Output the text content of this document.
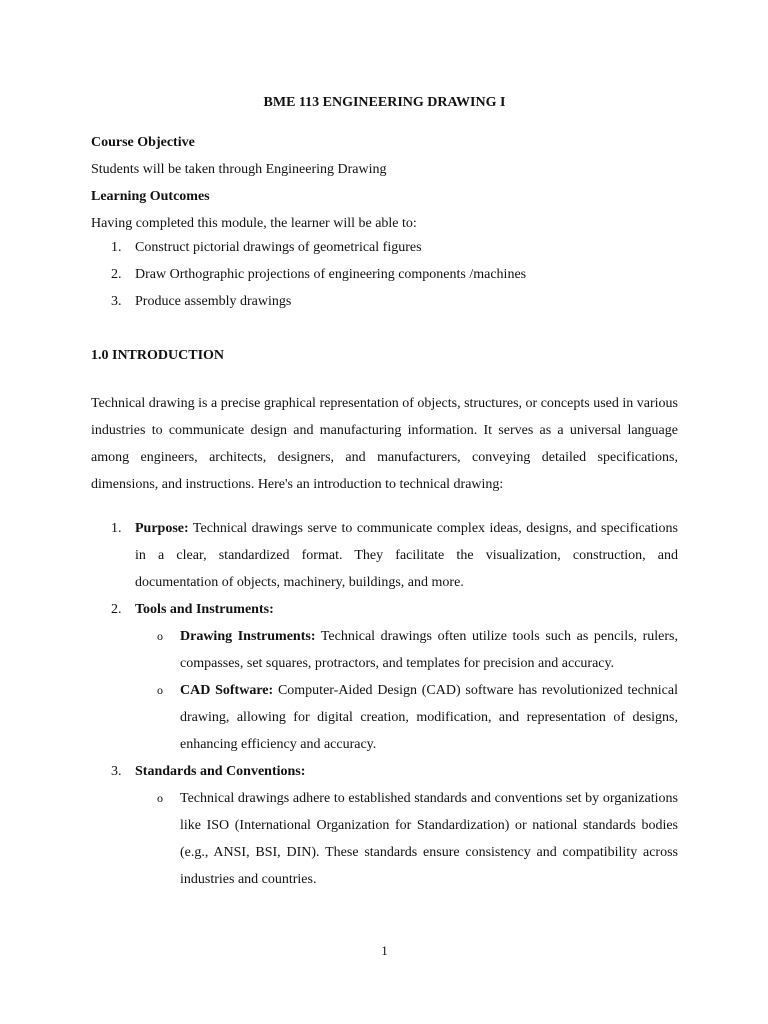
BME 113 ENGINEERING DRAWING I

Course Objective

Students will be taken through Engineering Drawing

Learning Outcomes

Having completed this module, the learner will be able to:

1. Construct pictorial drawings of geometrical figures
2. Draw Orthographic projections of engineering components /machines
3. Produce assembly drawings

1.0 INTRODUCTION

Technical drawing is a precise graphical representation of objects, structures, or concepts used in various industries to communicate design and manufacturing information. It serves as a universal language among engineers, architects, designers, and manufacturers, conveying detailed specifications, dimensions, and instructions. Here's an introduction to technical drawing:

1. Purpose: Technical drawings serve to communicate complex ideas, designs, and specifications in a clear, standardized format. They facilitate the visualization, construction, and documentation of objects, machinery, buildings, and more.
2. Tools and Instruments:
o Drawing Instruments: Technical drawings often utilize tools such as pencils, rulers, compasses, set squares, protractors, and templates for precision and accuracy.
o CAD Software: Computer-Aided Design (CAD) software has revolutionized technical drawing, allowing for digital creation, modification, and representation of designs, enhancing efficiency and accuracy.
3. Standards and Conventions:
o Technical drawings adhere to established standards and conventions set by organizations like ISO (International Organization for Standardization) or national standards bodies (e.g., ANSI, BSI, DIN). These standards ensure consistency and compatibility across industries and countries.
1
